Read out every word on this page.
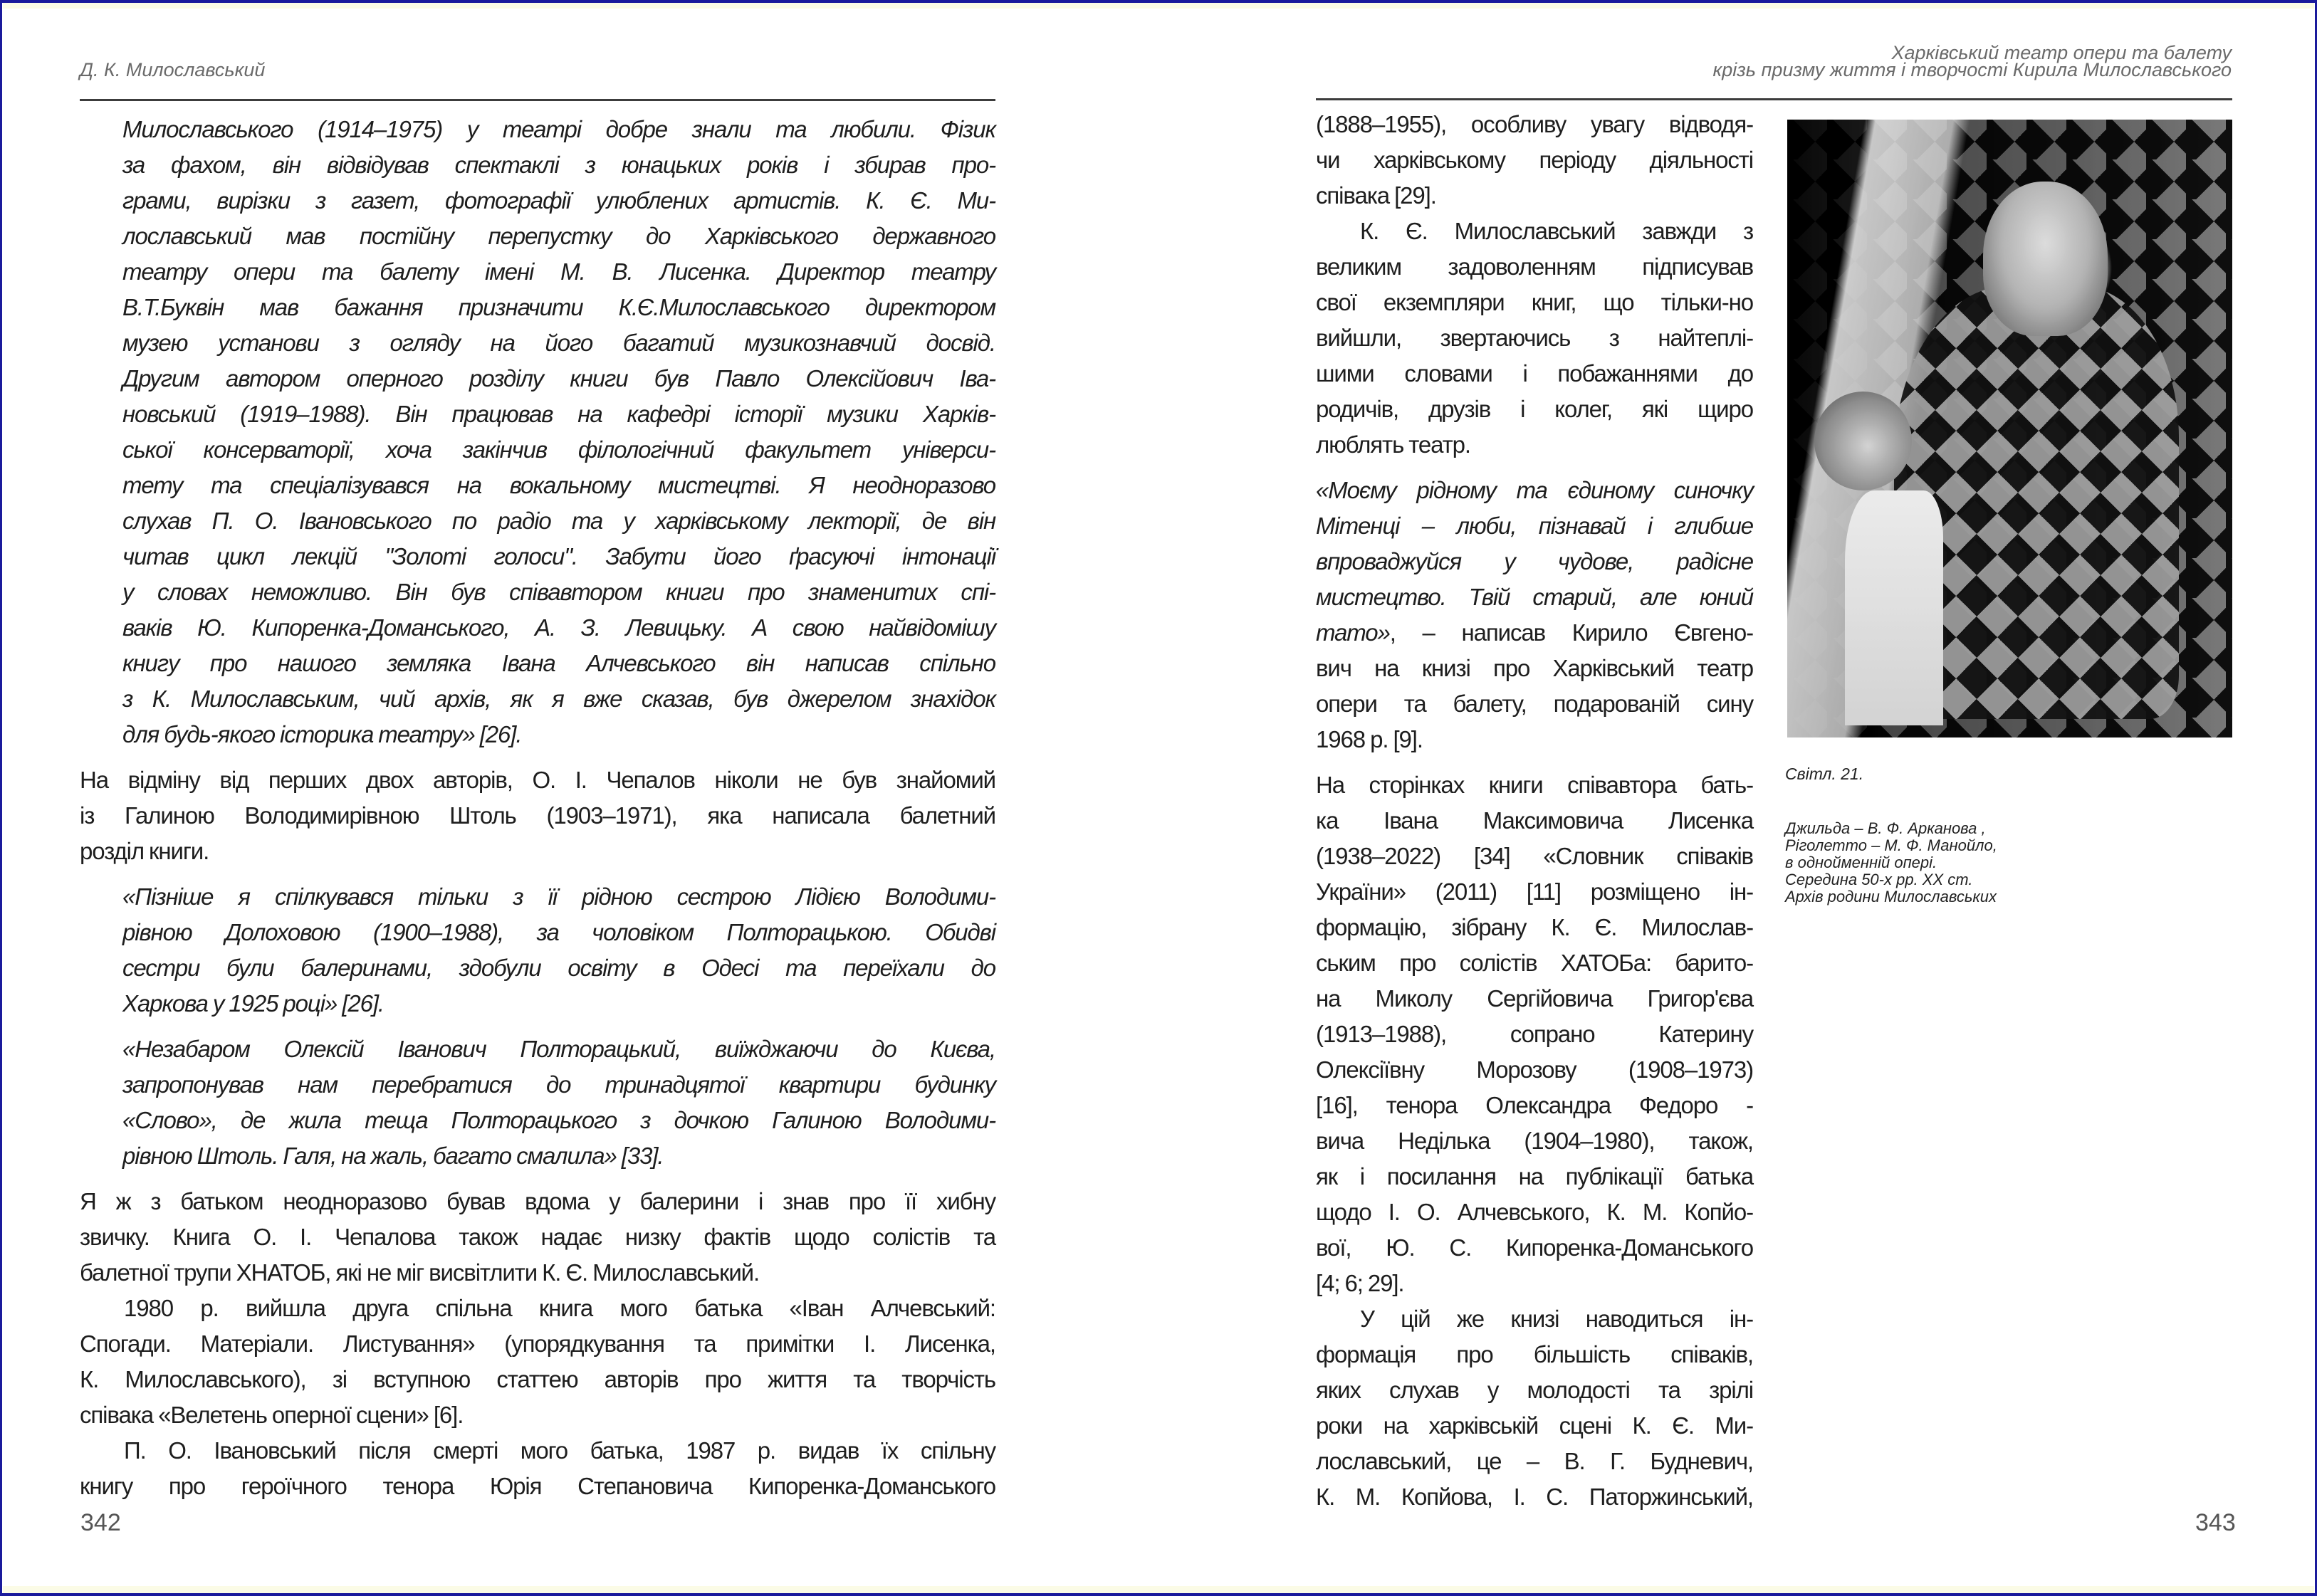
Д. К. Милославський
Милославського (1914–1975) у театрі добре знали та любили. Фізик
за фахом, він відвідував спектаклі з юнацьких років і збирав про-
грами, вирізки з газет, фотографії улюблених артистів. К. Є. Ми-
лославський мав постійну перепустку до Харківського державного
театру опери та балету імені М. В. Лисенка. Директор театру
В.Т.Буквін мав бажання призначити К.Є.Милославського директором
музею установи з огляду на його багатий музикознавчий досвід.
Другим автором оперного розділу книги був Павло Олексійович Іва-
новський (1919–1988). Він працював на кафедрі історії музики Харків-
ської консерваторії, хоча закінчив філологічний факультет універси-
тету та спеціалізувався на вокальному мистецтві. Я неодноразово
слухав П. О. Івановського по радіо та у харківському лекторії, де він
читав цикл лекцій "Золоті голоси". Забути його ґрасуючі інтонації
у словах неможливо. Він був співавтором книги про знаменитих спі-
ваків Ю. Кипоренка-Доманського, А. З. Левицьку. А свою найвідомішу
книгу про нашого земляка Івана Алчевського він написав спільно
з К. Милославським, чий архів, як я вже сказав, був джерелом знахідок
для будь-якого історика театру» [26].
На відміну від перших двох авторів, О. І. Чепалов ніколи не був знайомий
із Галиною Володимирівною Штоль (1903–1971), яка написала балетний
розділ книги.
«Пізніше я спілкувався тільки з її рідною сестрою Лідією Володими-
рівною Долоховою (1900–1988), за чоловіком Полторацькою. Обидві
сестри були балеринами, здобули освіту в Одесі та переїхали до
Харкова у 1925 році» [26].
«Незабаром Олексій Іванович Полторацький, виїжджаючи до Києва,
запропонував нам перебратися до тринадцятої квартири будинку
«Слово», де жила теща Полторацького з дочкою Галиною Володими-
рівною Штоль. Галя, на жаль, багато смалила» [33].
Я ж з батьком неодноразово бував вдома у балерини і знав про її хибну
звичку. Книга О. І. Чепалова також надає низку фактів щодо солістів та
балетної трупи ХНАТОБ, які не міг висвітлити К. Є. Милославський.
1980 р. вийшла друга спільна книга мого батька «Іван Алчевський:
Спогади. Матеріали. Листування» (упорядкування та примітки І. Лисенка,
К. Милославського), зі вступною статтею авторів про життя та творчість
співака «Велетень оперної сцени» [6].
П. О. Івановський після смерті мого батька, 1987 р. видав їх спільну
книгу про героїчного тенора Юрія Степановича Кипоренка-Доманського
342
Харківський театр опери та балету
крізь призму життя і творчості Кирила Милославського
(1888–1955), особливу увагу відводя-
чи харківському періоду діяльності
співака [29].
К. Є. Милославський завжди з
великим задоволенням підписував
свої екземпляри книг, що тільки-но
вийшли, звертаючись з найтеплі-
шими словами і побажаннями до
родичів, друзів і колег, які щиро
люблять театр.
«Моєму рідному та єдиному синочку
Мітенці – люби, пізнавай і глибше
впроваджуйся у чудове, радісне
мистецтво. Твій старий, але юний
тато», – написав Кирило Євгено-
вич на книзі про Харківський театр
опери та балету, подарованій сину
1968 р. [9].
На сторінках книги співавтора бать-
ка Івана Максимовича Лисенка
(1938–2022) [34] «Словник співаків
України» (2011) [11] розміщено ін-
формацію, зібрану К. Є. Милослав-
ським про солістів ХАТОБа: барито-
на Миколу Сергійовича Григор'єва
(1913–1988), сопрано Катерину
Олексіївну Морозову (1908–1973)
[16], тенора Олександра Федоро -
вича Неділька (1904–1980), також,
як і посилання на публікації батька
щодо І. О. Алчевського, К. М. Копйо-
вої, Ю. С. Кипоренка-Доманського
[4; 6; 29].
У цій же книзі наводиться ін-
формація про більшість співаків,
яких слухав у молодості та зрілі
роки на харківській сцені К. Є. Ми-
лославський, це – В. Г. Будневич,
К. М. Копйова, І. С. Паторжинський,
Світл. 21.
Джильда – В. Ф. Арканова ,
Ріголетто – М. Ф. Манойло,
в однойменній опері.
Середина 50-х рр. ХХ ст.
Архів родини Милославських
343
